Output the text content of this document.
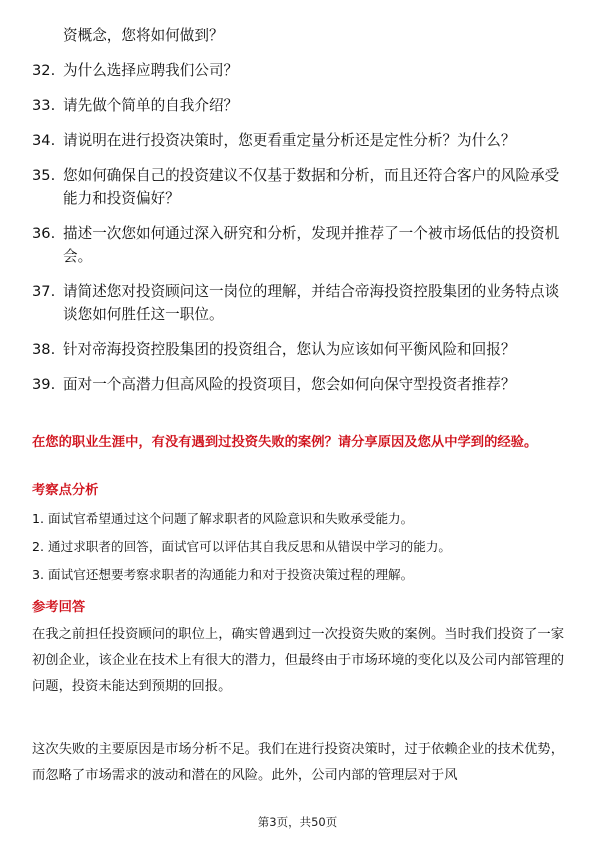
资概念，您将如何做到？
32. 为什么选择应聘我们公司？
33. 请先做个简单的自我介绍？
34. 请说明在进行投资决策时，您更看重定量分析还是定性分析？为什么？
35. 您如何确保自己的投资建议不仅基于数据和分析，而且还符合客户的风险承受能力和投资偏好？
36. 描述一次您如何通过深入研究和分析，发现并推荐了一个被市场低估的投资机会。
37. 请简述您对投资顾问这一岗位的理解，并结合帝海投资控股集团的业务特点谈谈您如何胜任这一职位。
38. 针对帝海投资控股集团的投资组合，您认为应该如何平衡风险和回报？
39. 面对一个高潜力但高风险的投资项目，您会如何向保守型投资者推荐？
在您的职业生涯中，有没有遇到过投资失败的案例？请分享原因及您从中学到的经验。
考察点分析
1. 面试官希望通过这个问题了解求职者的风险意识和失败承受能力。
2. 通过求职者的回答，面试官可以评估其自我反思和从错误中学习的能力。
3. 面试官还想要考察求职者的沟通能力和对于投资决策过程的理解。
参考回答
在我之前担任投资顾问的职位上，确实曾遇到过一次投资失败的案例。当时我们投资了一家初创企业，该企业在技术上有很大的潜力，但最终由于市场环境的变化以及公司内部管理的问题，投资未能达到预期的回报。
这次失败的主要原因是市场分析不足。我们在进行投资决策时，过于依赖企业的技术优势，而忽略了市场需求的波动和潜在的风险。此外，公司内部的管理层对于风
第3页，共50页
